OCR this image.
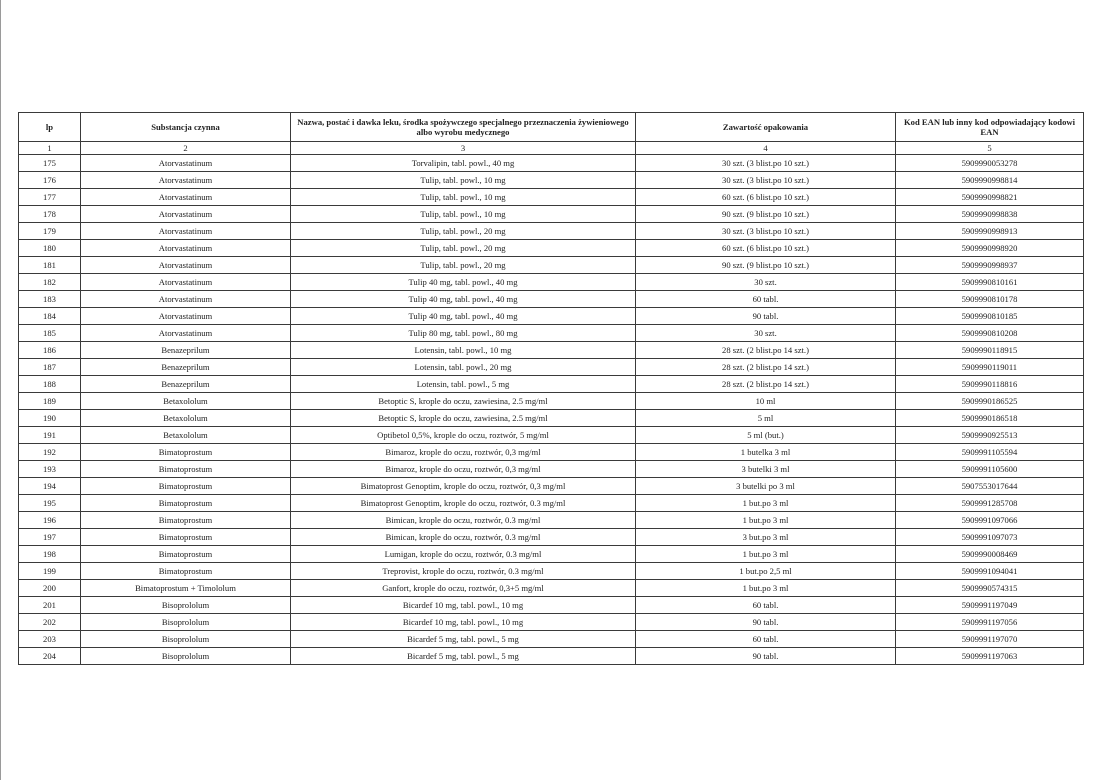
lp	Substancja czynna	Nazwa, postać i dawka leku, środka spożywczego specjalnego przeznaczenia żywieniowego albo wyrobu medycznego	Zawartość opakowania	Kod EAN lub inny kod odpowiadający kodowi EAN
1	2	3	4	5
175	Atorvastatinum	Torvalipin, tabl. powl., 40 mg	30 szt. (3 blist.po 10 szt.)	5909990053278
176	Atorvastatinum	Tulip, tabl. powl., 10 mg	30 szt. (3 blist.po 10 szt.)	5909990998814
177	Atorvastatinum	Tulip, tabl. powl., 10 mg	60 szt. (6 blist.po 10 szt.)	5909990998821
178	Atorvastatinum	Tulip, tabl. powl., 10 mg	90 szt. (9 blist.po 10 szt.)	5909990998838
179	Atorvastatinum	Tulip, tabl. powl., 20 mg	30 szt. (3 blist.po 10 szt.)	5909990998913
180	Atorvastatinum	Tulip, tabl. powl., 20 mg	60 szt. (6 blist.po 10 szt.)	5909990998920
181	Atorvastatinum	Tulip, tabl. powl., 20 mg	90 szt. (9 blist.po 10 szt.)	5909990998937
182	Atorvastatinum	Tulip 40 mg, tabl. powl., 40 mg	30 szt.	5909990810161
183	Atorvastatinum	Tulip 40 mg, tabl. powl., 40 mg	60 tabl.	5909990810178
184	Atorvastatinum	Tulip 40 mg, tabl. powl., 40 mg	90 tabl.	5909990810185
185	Atorvastatinum	Tulip 80 mg, tabl. powl., 80 mg	30 szt.	5909990810208
186	Benazeprilum	Lotensin, tabl. powl., 10 mg	28 szt. (2 blist.po 14 szt.)	5909990118915
187	Benazeprilum	Lotensin, tabl. powl., 20 mg	28 szt. (2 blist.po 14 szt.)	5909990119011
188	Benazeprilum	Lotensin, tabl. powl., 5 mg	28 szt. (2 blist.po 14 szt.)	5909990118816
189	Betaxololum	Betoptic S, krople do oczu, zawiesina, 2.5 mg/ml	10 ml	5909990186525
190	Betaxololum	Betoptic S, krople do oczu, zawiesina, 2.5 mg/ml	5 ml	5909990186518
191	Betaxololum	Optibetol 0,5%, krople do oczu, roztwór, 5 mg/ml	5 ml (but.)	5909990925513
192	Bimatoprostum	Bimaroz, krople do oczu, roztwór, 0,3 mg/ml	1 butelka 3 ml	5909991105594
193	Bimatoprostum	Bimaroz, krople do oczu, roztwór, 0,3 mg/ml	3 butelki 3 ml	5909991105600
194	Bimatoprostum	Bimatoprost Genoptim, krople do oczu, roztwór, 0,3 mg/ml	3 butelki po 3 ml	5907553017644
195	Bimatoprostum	Bimatoprost Genoptim, krople do oczu, roztwór, 0.3 mg/ml	1 but.po 3 ml	5909991285708
196	Bimatoprostum	Bimican, krople do oczu, roztwór, 0.3 mg/ml	1 but.po 3 ml	5909991097066
197	Bimatoprostum	Bimican, krople do oczu, roztwór, 0.3 mg/ml	3 but.po 3 ml	5909991097073
198	Bimatoprostum	Lumigan, krople do oczu, roztwór, 0.3 mg/ml	1 but.po 3 ml	5909990008469
199	Bimatoprostum	Treprovist, krople do oczu, roztwór, 0.3 mg/ml	1 but.po 2,5 ml	5909991094041
200	Bimatoprostum + Timololum	Ganfort, krople do oczu, roztwór, 0,3+5 mg/ml	1 but.po 3 ml	5909990574315
201	Bisoprololum	Bicardef 10 mg, tabl. powl., 10 mg	60 tabl.	5909991197049
202	Bisoprololum	Bicardef 10 mg, tabl. powl., 10 mg	90 tabl.	5909991197056
203	Bisoprololum	Bicardef 5 mg, tabl. powl., 5 mg	60 tabl.	5909991197070
204	Bisoprololum	Bicardef 5 mg, tabl. powl., 5 mg	90 tabl.	5909991197063
